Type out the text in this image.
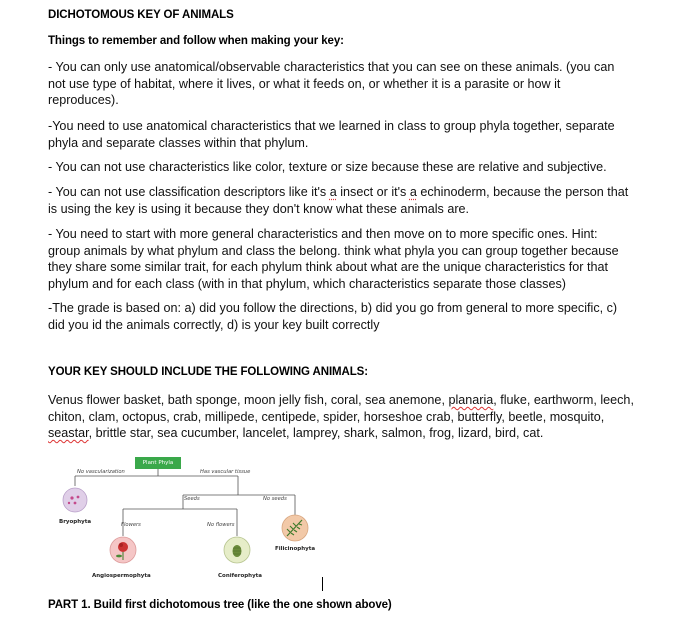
DICHOTOMOUS KEY OF ANIMALS
Things to remember and follow when making your key:
- You can only use anatomical/observable characteristics that you can see on these animals. (you can not use type of habitat, where it lives, or what it feeds on, or whether it is a parasite or how it reproduces).
-You need to use anatomical characteristics that we learned in class to group phyla together, separate phyla and separate classes within that phylum.
- You can not use characteristics like color, texture or size because these are relative and subjective.
- You can not use classification descriptors like it's a insect or it's a echinoderm, because the person that is using the key is using it because they don't know what these animals are.
- You need to start with more general characteristics and then move on to more specific ones. Hint: group animals by what phylum and class the belong. think what phyla you can group together because they share some similar trait, for each phylum think about what are the unique characteristics for that phylum and for each class (with in that phylum, which characteristics separate those classes)
-The grade is based on: a) did you follow the directions, b) did you go from general to more specific, c) did you id the animals correctly, d) is your key built correctly
YOUR KEY SHOULD INCLUDE THE FOLLOWING ANIMALS:
Venus flower basket, bath sponge, moon jelly fish, coral, sea anemone, planaria, fluke, earthworm, leech, chiton, clam, octopus, crab, millipede, centipede, spider, horseshoe crab, butterfly, beetle, mosquito, seastar, brittle star, sea cucumber, lancelet, lamprey, shark, salmon, frog, lizard, bird, cat.
Plant Phyla
No vascularization	Has vascular tissue
Seeds	No seeds
Flowers	No flowers
Bryophyta
Filicinophyta
Angiospermophyta	Coniferophyta
PART 1. Build first dichotomous tree (like the one shown above)
